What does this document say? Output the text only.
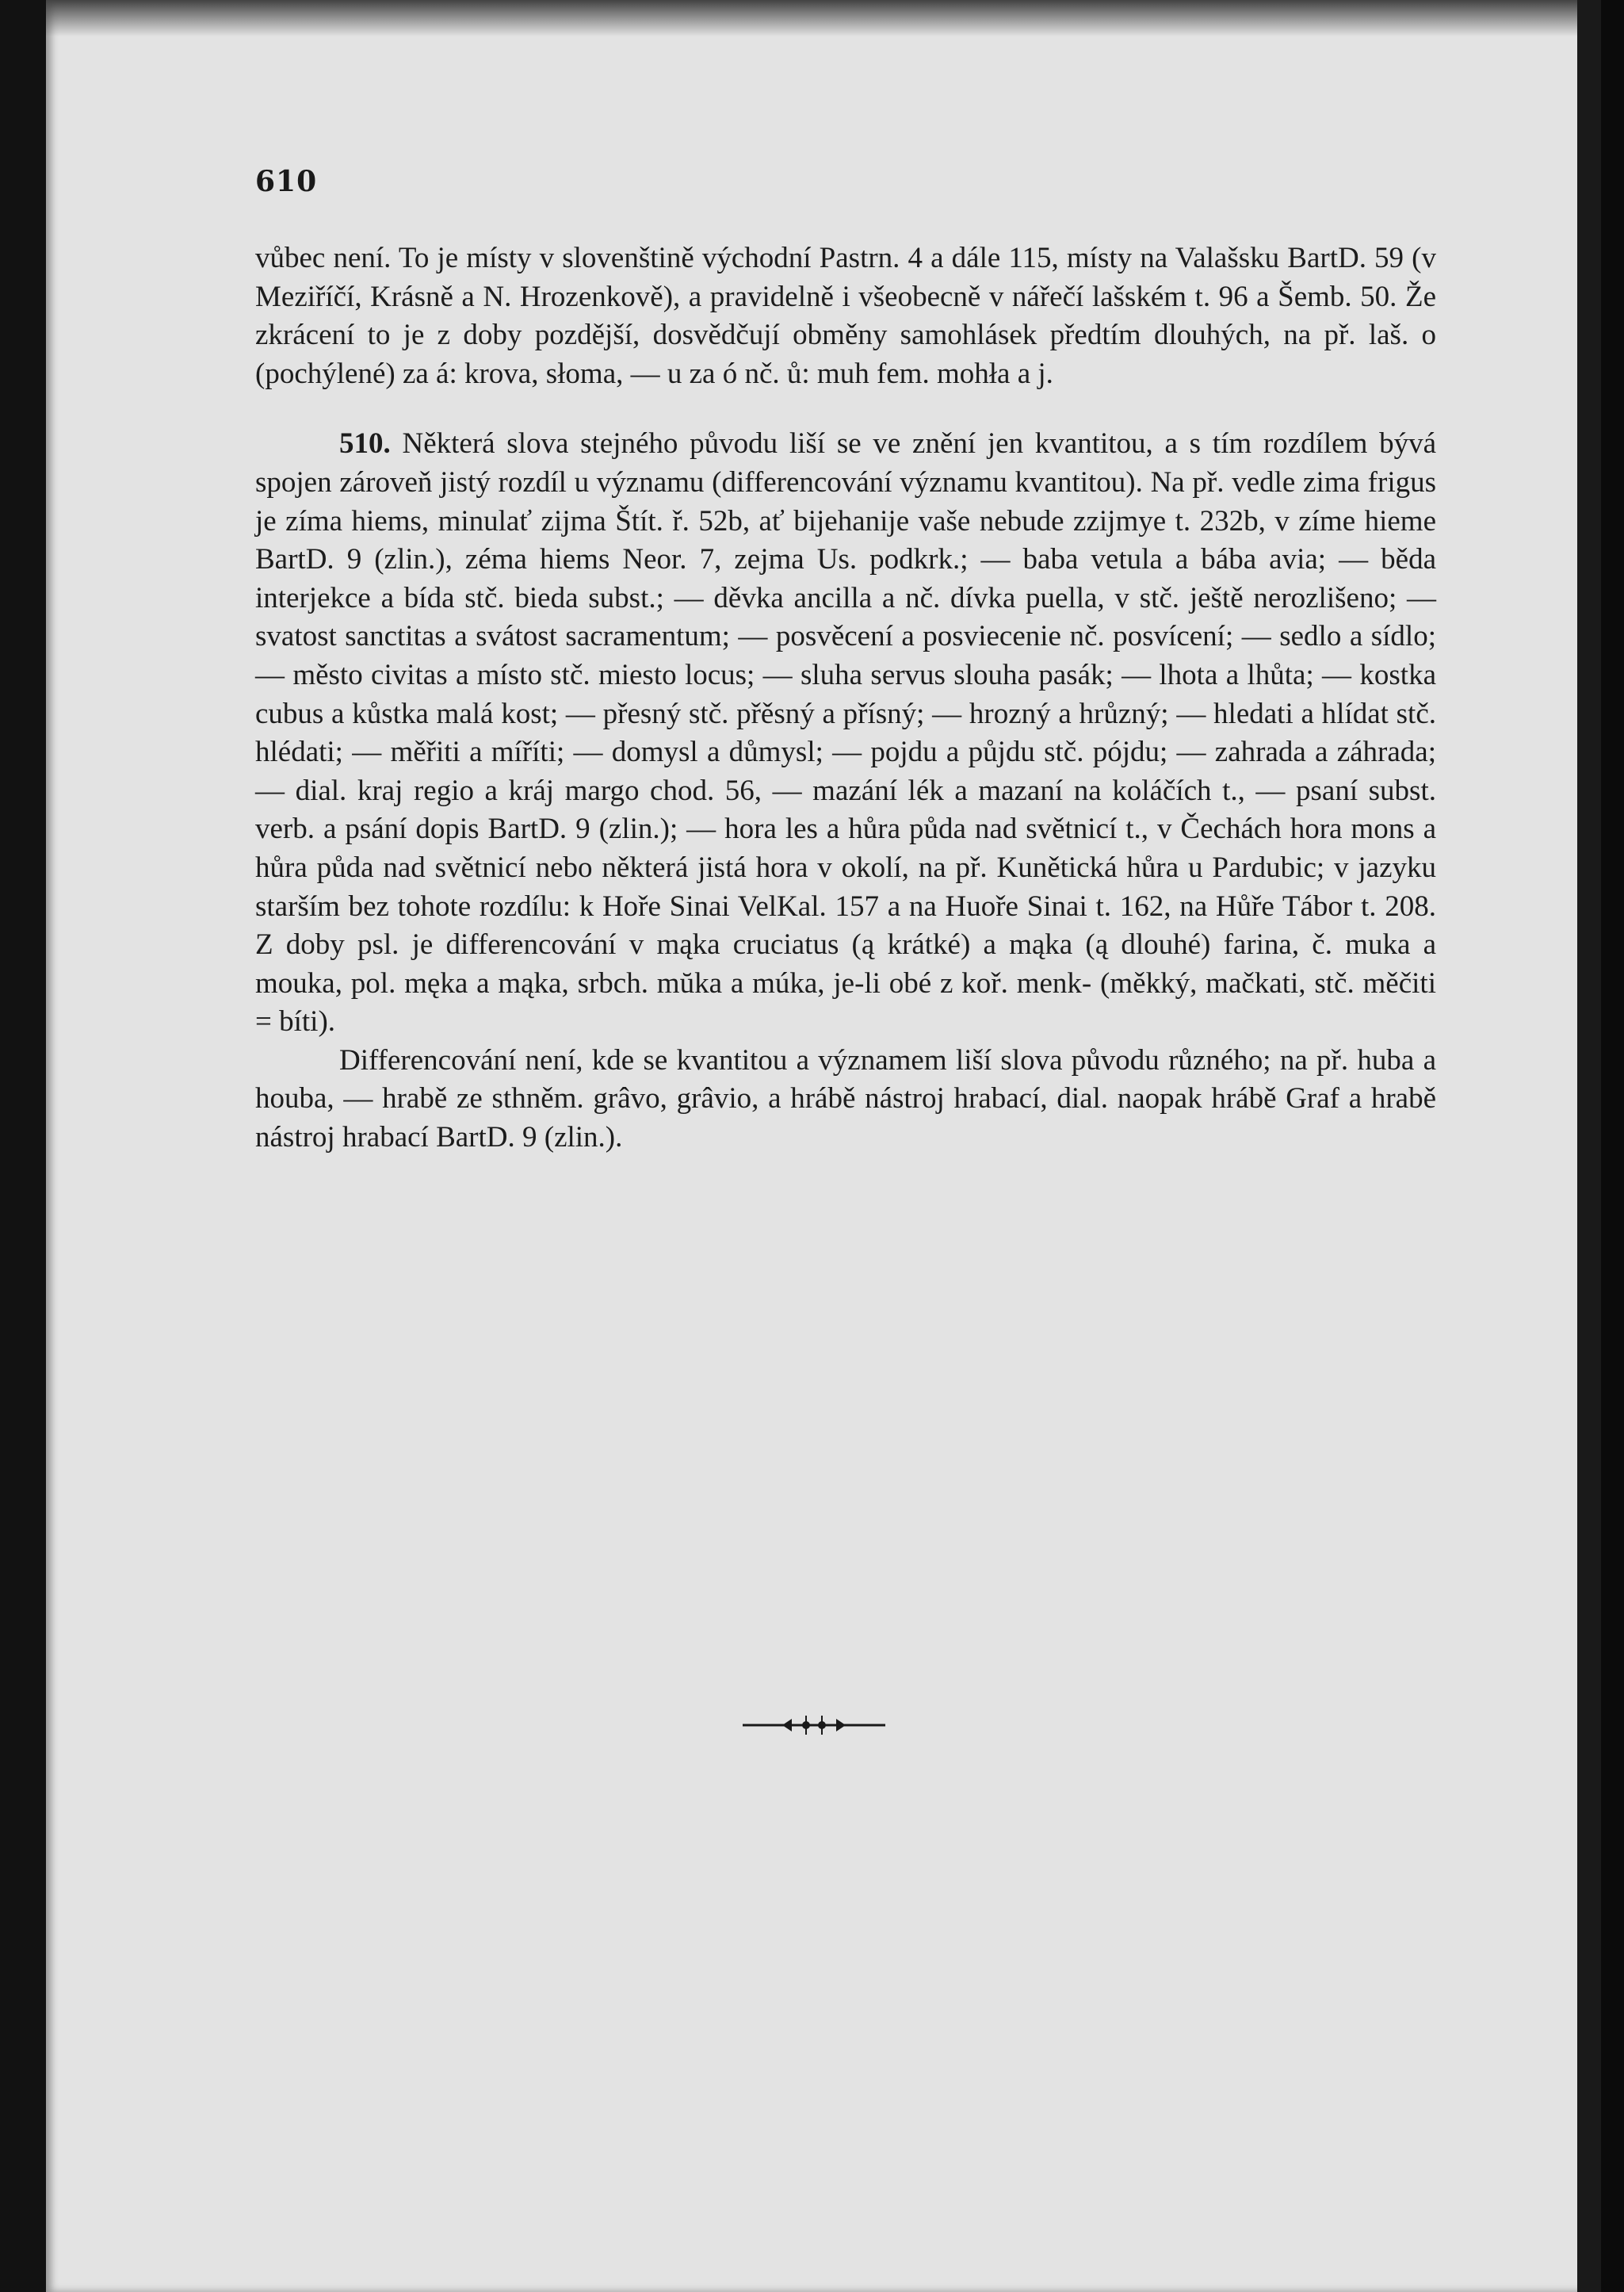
610

vůbec není. To je místy v slovenštině východní Pastrn. 4 a dále 115, místy na Valašsku BartD. 59 (v Meziříčí, Krásně a N. Hrozenkově), a pravidelně i všeobecně v nářečí lašském t. 96 a Šemb. 50. Že zkrácení to je z doby pozdější, dosvědčují obměny samohlásek předtím dlouhých, na př. laš. o (pochýlené) za á: krova, słoma, — u za ó nč. ů: muh fem. mohła a j.

510. Některá slova stejného původu liší se ve znění jen kvantitou, a s tím rozdílem bývá spojen zároveň jistý rozdíl u významu (differencování významu kvantitou). Na př. vedle zima frigus je zíma hiems, minulať zijma Štít. ř. 52b, ať bijehanije vaše nebude zzijmye t. 232b, v zíme hieme BartD. 9 (zlin.), zéma hiems Neor. 7, zejma Us. podkrk.; — baba vetula a bába avia; — běda interjekce a bída stč. bieda subst.; — děvka ancilla a nč. dívka puella, v stč. ještě nerozlišeno; — svatost sanctitas a svátost sacramentum; — posvěcení a posviecenie nč. posvícení; — sedlo a sídlo; — město civitas a místo stč. miesto locus; — sluha servus slouha pasák; — lhota a lhůta; — kostka cubus a kůstka malá kost; — přesný stč. přěsný a přísný; — hrozný a hrůzný; — hledati a hlídat stč. hlédati; — měřiti a míříti; — domysl a důmysl; — pojdu a půjdu stč. pójdu; — zahrada a záhrada; — dial. kraj regio a kráj margo chod. 56, — mazání lék a mazaní na koláčích t., — psaní subst. verb. a psání dopis BartD. 9 (zlin.); — hora les a hůra půda nad světnicí t., v Čechách hora mons a hůra půda nad světnicí nebo některá jistá hora v okolí, na př. Kunětická hůra u Pardubic; v jazyku starším bez tohote rozdílu: k Hoře Sinai VelKal. 157 a na Huoře Sinai t. 162, na Hůře Tábor t. 208. Z doby psl. je differencování v mąka cruciatus (ą krátké) a mąka (ą dlouhé) farina, č. muka a mouka, pol. męka a mąka, srbch. mŭka a múka, je-li obé z koř. menk- (měkký, mačkati, stč. měčiti = bíti).

Differencování není, kde se kvantitou a významem liší slova původu různého; na př. huba a houba, — hrabě ze sthněm. grâvo, grâvio, a hrábě nástroj hrabací, dial. naopak hrábě Graf a hrabě nástroj hrabací BartD. 9 (zlin.).
